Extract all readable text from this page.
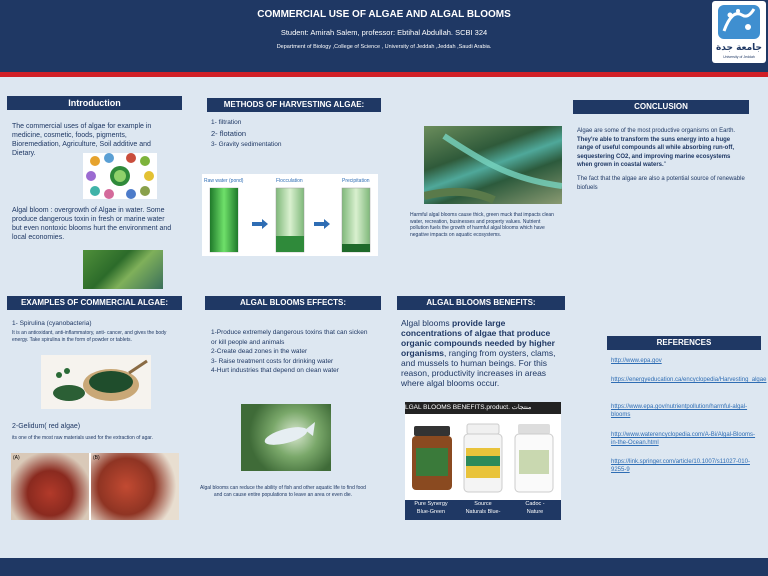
COMMERCIAL USE OF ALGAE AND ALGAL BLOOMS
Student: Amirah Salem, professor: Ebtihal Abdullah. SCBI 324
Department of Biology ,College of Science , University of Jeddah ,Jeddah ,Saudi Arabia.	جامعة جدة
University of Jeddah
Introduction
The commercial uses of algae for example in medicine, cosmetic, foods, pigments, Bioremediation, Agriculture, Soil additive and Dietary.
Algal bloom : overgrowth of Algae in water. Some produce dangerous toxin in fresh or marine water but even nontoxic blooms hurt the environment and local economies.
METHODS OF HARVESTING ALGAE:
1- filtration
2- flotation
3- Gravity sedimentation
Raw water (pond)	Flocculation	Precipitation
Harmful algal blooms cause thick, green muck that impacts clean water, recreation, businesses and property values. Nutrient pollution fuels the growth of harmful algal blooms which have negative impacts on aquatic ecosystems.
CONCLUSION
Algae are some of the most productive organisms on Earth. They're able to transform the suns energy into a huge range of useful compounds all while absorbing run-off, sequestering CO2, and improving marine ecosystems when grown in coastal waters."
The fact that the algae are also a potential source of renewable biofuels
EXAMPLES OF COMMERCIAL ALGAE:
1- Spirulina (cyanobacteria)
It is an antioxidant, anti-inflammatory, anti- cancer, and gives the body energy. Take spirulina in the form of powder or tablets.
2-Gelidum( red algae)
its one of the most raw materials used for the extraction of agar.
(A)	(B)
ALGAL BLOOMS EFFECTS:
1-Produce extremely dangerous toxins that can sicken or kill people and animals
2-Create dead zones in the water
3- Raise treatment costs for drinking water
4-Hurt industries that depend on clean water
Algal blooms can reduce the ability of fish and other aquatic life to find food and can cause entire populations to leave an area or even die.
ALGAL BLOOMS BENEFITS:
Algal blooms provide large concentrations of algae that produce organic compounds needed by higher organisms, ranging from oysters, clams, and mussels to human beings. For this reason, productivity increases in areas where algal blooms occur.
LGAL BLOOMS BENEFITS.product. منتجات
Pure Synergy
Blue-Green
Source
Naturals Blue-
Cadoc -
Nature
REFERENCES
http://www.epa.gov
https://energyeducation.ca/encyclopedia/Harvesting_algae
https://www.epa.gov/nutrientpollution/harmful-algal-blooms
http://www.waterencyclopedia.com/A-Bi/Algal-Blooms-in-the-Ocean.html
https://link.springer.com/article/10.1007/s11027-010-9255-9
